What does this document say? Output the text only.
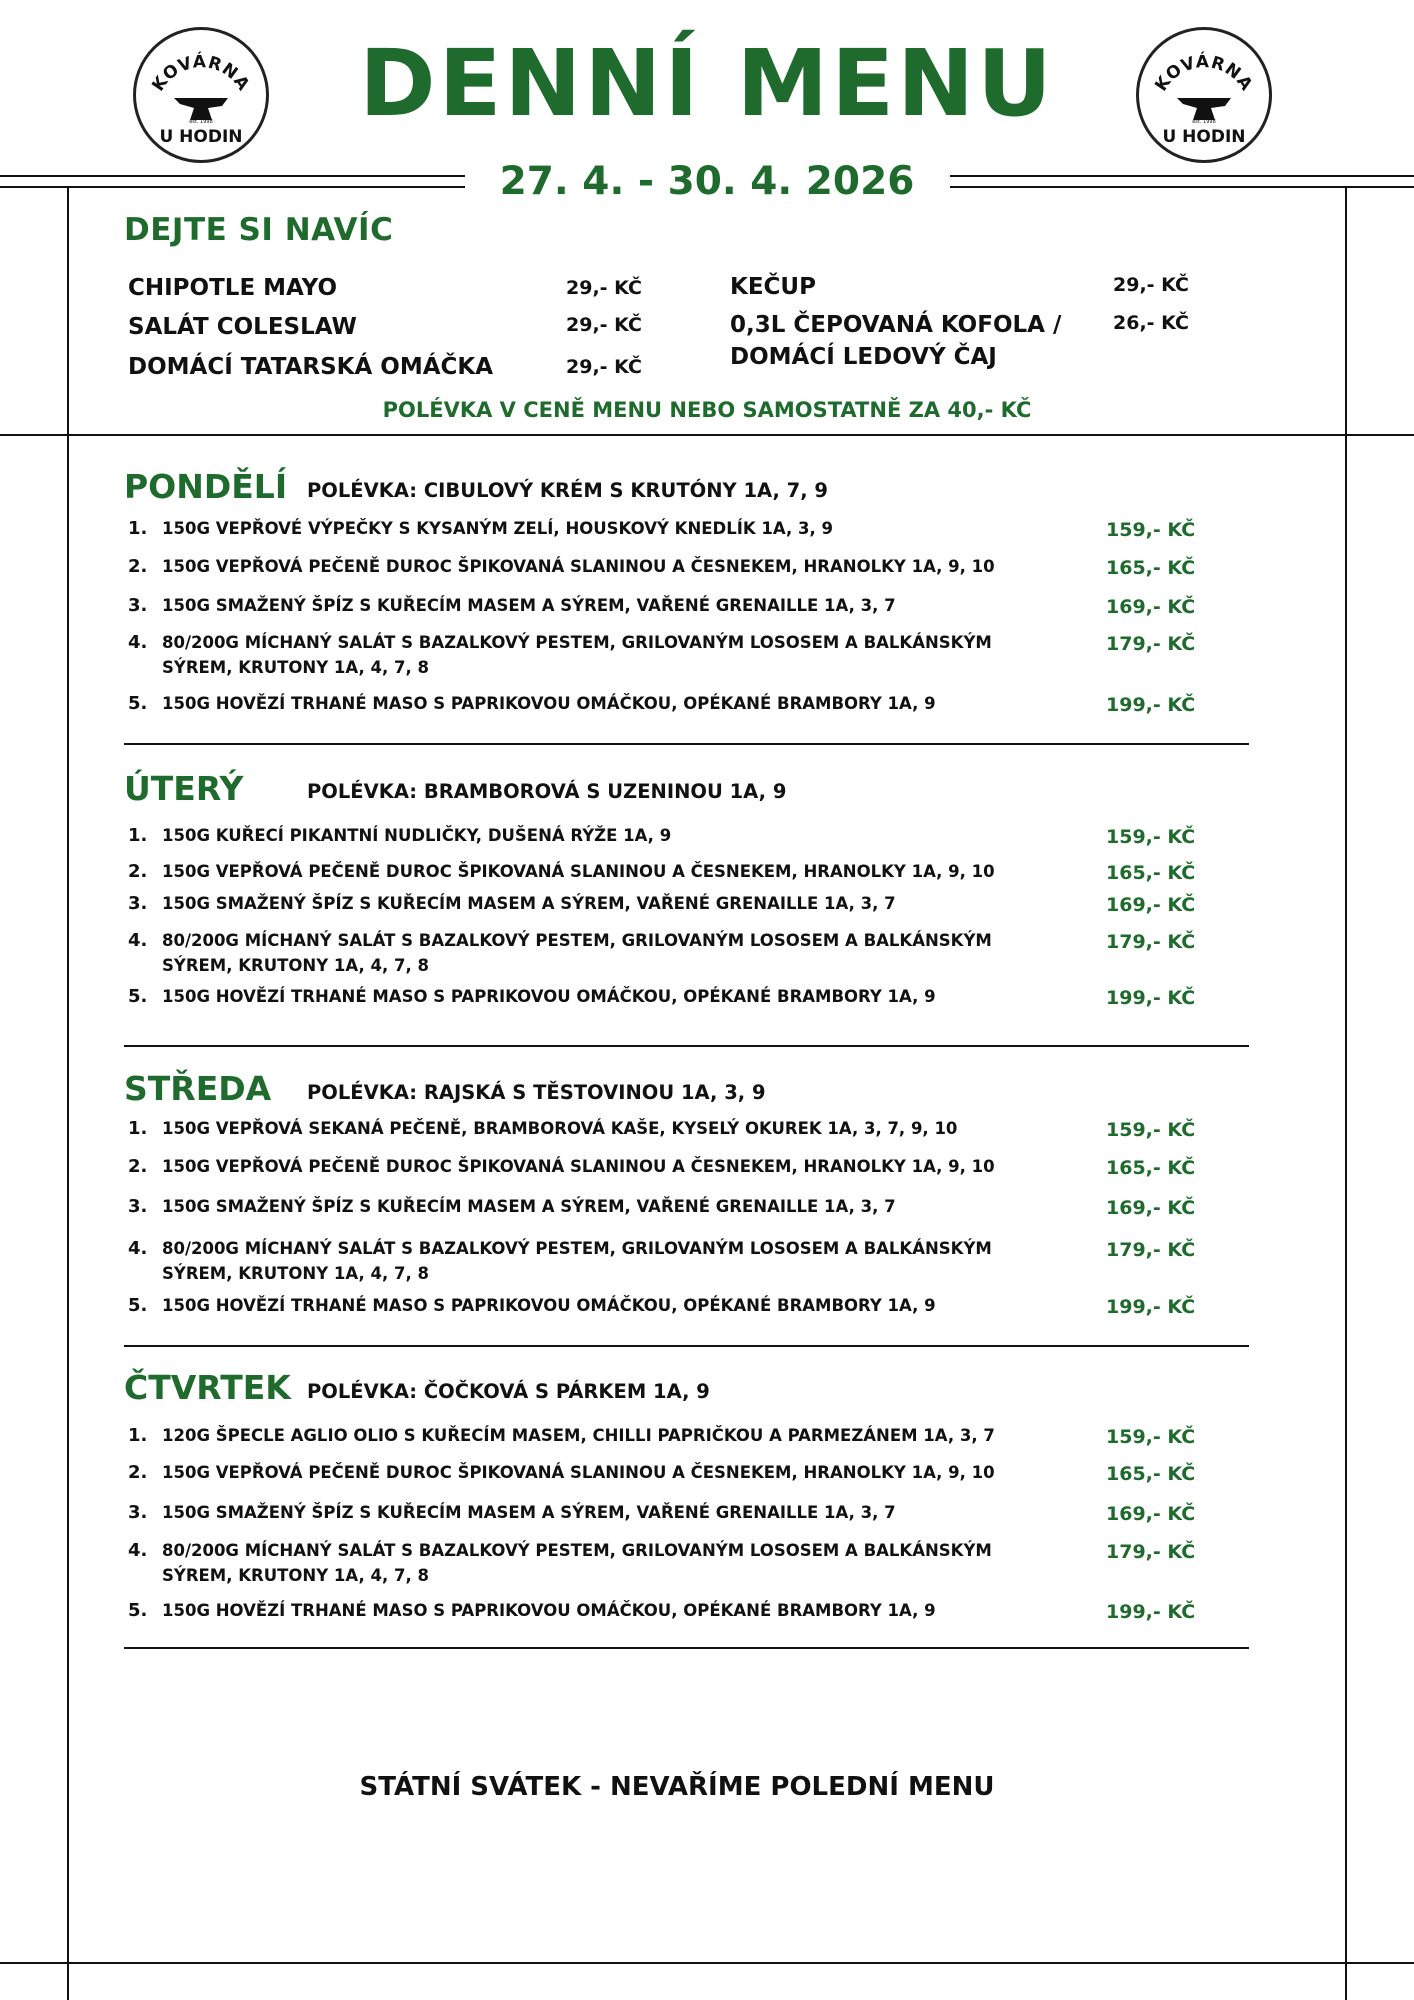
KOVÁRNA
est. 1998
U HODIN
KOVÁRNA
est. 1998
U HODIN
DENNÍ MENU
27. 4. - 30. 4. 2026
DEJTE SI NAVÍC
CHIPOTLE MAYO	29,- KČ
SALÁT COLESLAW	29,- KČ
DOMÁCÍ TATARSKÁ OMÁČKA	29,- KČ
KEČUP	29,- KČ
0,3L ČEPOVANÁ KOFOLA /
DOMÁCÍ LEDOVÝ ČAJ
26,- KČ
POLÉVKA V CENĚ MENU NEBO SAMOSTATNĚ ZA 40,- KČ
PONDĚLÍ POLÉVKA: CIBULOVÝ KRÉM S KRUTÓNY 1A, 7, 9
1. 150G VEPŘOVÉ VÝPEČKY S KYSANÝM ZELÍ, HOUSKOVÝ KNEDLÍK 1A, 3, 9	159,- KČ
2. 150G VEPŘOVÁ PEČENĚ DUROC ŠPIKOVANÁ SLANINOU A ČESNEKEM, HRANOLKY 1A, 9, 10	165,- KČ
3. 150G SMAŽENÝ ŠPÍZ S KUŘECÍM MASEM A SÝREM, VAŘENÉ GRENAILLE 1A, 3, 7	169,- KČ
4. 80/200G MÍCHANÝ SALÁT S BAZALKOVÝ PESTEM, GRILOVANÝM LOSOSEM A BALKÁNSKÝM
SÝREM, KRUTONY 1A, 4, 7, 8
179,- KČ
5. 150G HOVĚZÍ TRHANÉ MASO S PAPRIKOVOU OMÁČKOU, OPÉKANÉ BRAMBORY 1A, 9	199,- KČ
ÚTERÝ	POLÉVKA: BRAMBOROVÁ S UZENINOU 1A, 9
1. 150G KUŘECÍ PIKANTNÍ NUDLIČKY, DUŠENÁ RÝŽE 1A, 9	159,- KČ
2. 150G VEPŘOVÁ PEČENĚ DUROC ŠPIKOVANÁ SLANINOU A ČESNEKEM, HRANOLKY 1A, 9, 10	165,- KČ
3. 150G SMAŽENÝ ŠPÍZ S KUŘECÍM MASEM A SÝREM, VAŘENÉ GRENAILLE 1A, 3, 7	169,- KČ
4. 80/200G MÍCHANÝ SALÁT S BAZALKOVÝ PESTEM, GRILOVANÝM LOSOSEM A BALKÁNSKÝM
SÝREM, KRUTONY 1A, 4, 7, 8
179,- KČ
5. 150G HOVĚZÍ TRHANÉ MASO S PAPRIKOVOU OMÁČKOU, OPÉKANÉ BRAMBORY 1A, 9	199,- KČ
STŘEDA POLÉVKA: RAJSKÁ S TĚSTOVINOU 1A, 3, 9
1. 150G VEPŘOVÁ SEKANÁ PEČENĚ, BRAMBOROVÁ KAŠE, KYSELÝ OKUREK 1A, 3, 7, 9, 10	159,- KČ
2. 150G VEPŘOVÁ PEČENĚ DUROC ŠPIKOVANÁ SLANINOU A ČESNEKEM, HRANOLKY 1A, 9, 10	165,- KČ
3. 150G SMAŽENÝ ŠPÍZ S KUŘECÍM MASEM A SÝREM, VAŘENÉ GRENAILLE 1A, 3, 7	169,- KČ
4. 80/200G MÍCHANÝ SALÁT S BAZALKOVÝ PESTEM, GRILOVANÝM LOSOSEM A BALKÁNSKÝM
SÝREM, KRUTONY 1A, 4, 7, 8
179,- KČ
5. 150G HOVĚZÍ TRHANÉ MASO S PAPRIKOVOU OMÁČKOU, OPÉKANÉ BRAMBORY 1A, 9	199,- KČ
ČTVRTEK POLÉVKA: ČOČKOVÁ S PÁRKEM 1A, 9
1. 120G ŠPECLE AGLIO OLIO S KUŘECÍM MASEM, CHILLI PAPRIČKOU A PARMEZÁNEM 1A, 3, 7	159,- KČ
2. 150G VEPŘOVÁ PEČENĚ DUROC ŠPIKOVANÁ SLANINOU A ČESNEKEM, HRANOLKY 1A, 9, 10	165,- KČ
3. 150G SMAŽENÝ ŠPÍZ S KUŘECÍM MASEM A SÝREM, VAŘENÉ GRENAILLE 1A, 3, 7	169,- KČ
4. 80/200G MÍCHANÝ SALÁT S BAZALKOVÝ PESTEM, GRILOVANÝM LOSOSEM A BALKÁNSKÝM
SÝREM, KRUTONY 1A, 4, 7, 8
179,- KČ
5. 150G HOVĚZÍ TRHANÉ MASO S PAPRIKOVOU OMÁČKOU, OPÉKANÉ BRAMBORY 1A, 9	199,- KČ
STÁTNÍ SVÁTEK - NEVAŘÍME POLEDNÍ MENU
